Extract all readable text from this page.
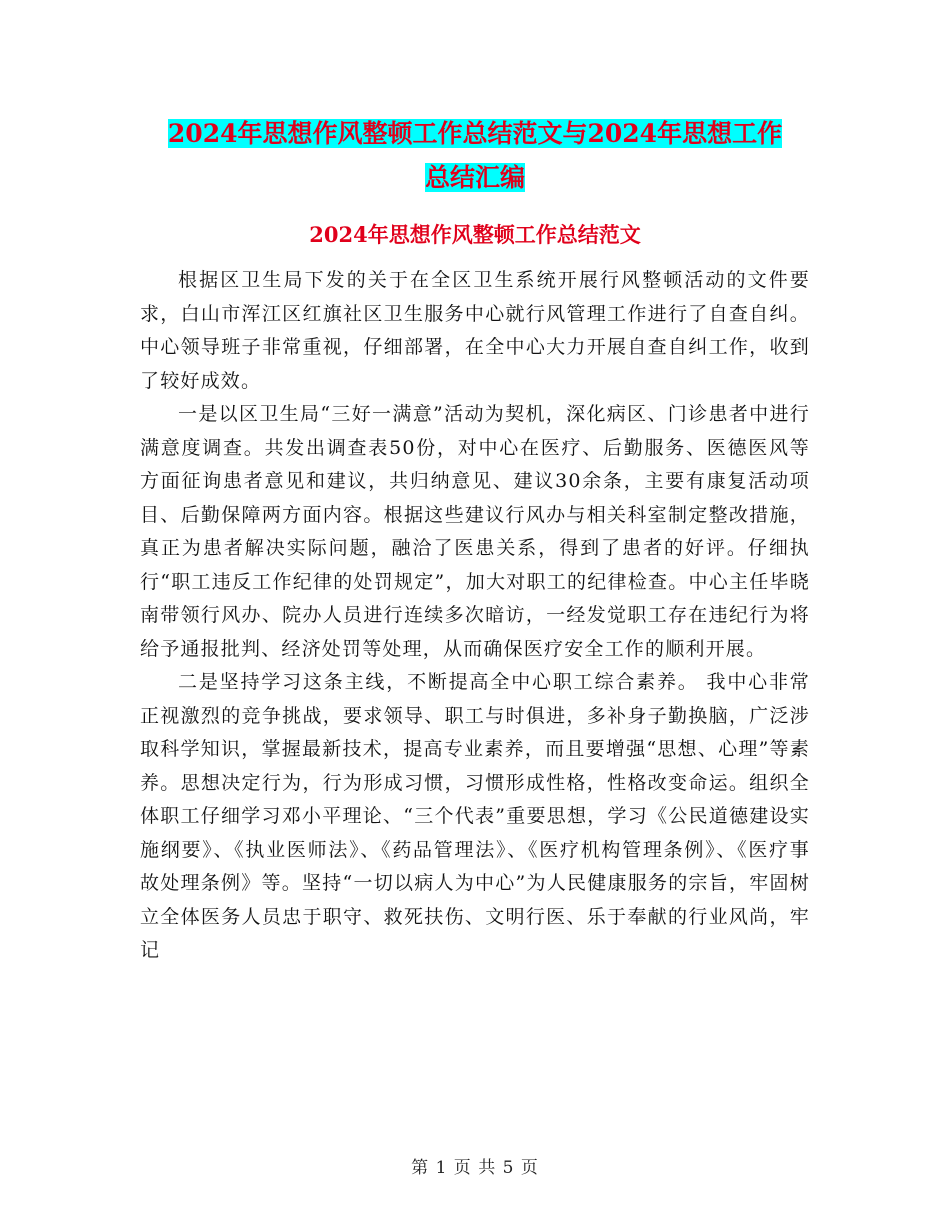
2024年思想作风整顿工作总结范文与2024年思想工作
总结汇编
2024年思想作风整顿工作总结范文

根据区卫生局下发的关于在全区卫生系统开展行风整顿活动的文件要求，白山市浑江区红旗社区卫生服务中心就行风管理工作进行了自查自纠。中心领导班子非常重视，仔细部署，在全中心大力开展自查自纠工作，收到了较好成效。

一是以区卫生局“三好一满意”活动为契机，深化病区、门诊患者中进行满意度调查。共发出调查表50份，对中心在医疗、后勤服务、医德医风等方面征询患者意见和建议，共归纳意见、建议30余条，主要有康复活动项目、后勤保障两方面内容。根据这些建议行风办与相关科室制定整改措施，真正为患者解决实际问题，融洽了医患关系，得到了患者的好评。仔细执行“职工违反工作纪律的处罚规定”，加大对职工的纪律检查。中心主任毕晓南带领行风办、院办人员进行连续多次暗访，一经发觉职工存在违纪行为将给予通报批判、经济处罚等处理，从而确保医疗安全工作的顺利开展。

二是坚持学习这条主线，不断提高全中心职工综合素养。 我中心非常正视激烈的竞争挑战，要求领导、职工与时俱进，多补身子勤换脑，广泛涉取科学知识，掌握最新技术，提高专业素养，而且要增强“思想、心理”等素养。思想决定行为，行为形成习惯，习惯形成性格，性格改变命运。组织全体职工仔细学习邓小平理论、“三个代表”重要思想，学习《公民道德建设实施纲要》、《执业医师法》、《药品管理法》、《医疗机构管理条例》、《医疗事故处理条例》等。坚持“一切以病人为中心”为人民健康服务的宗旨，牢固树立全体医务人员忠于职守、救死扶伤、文明行医、乐于奉献的行业风尚，牢记

第 1 页 共 5 页
